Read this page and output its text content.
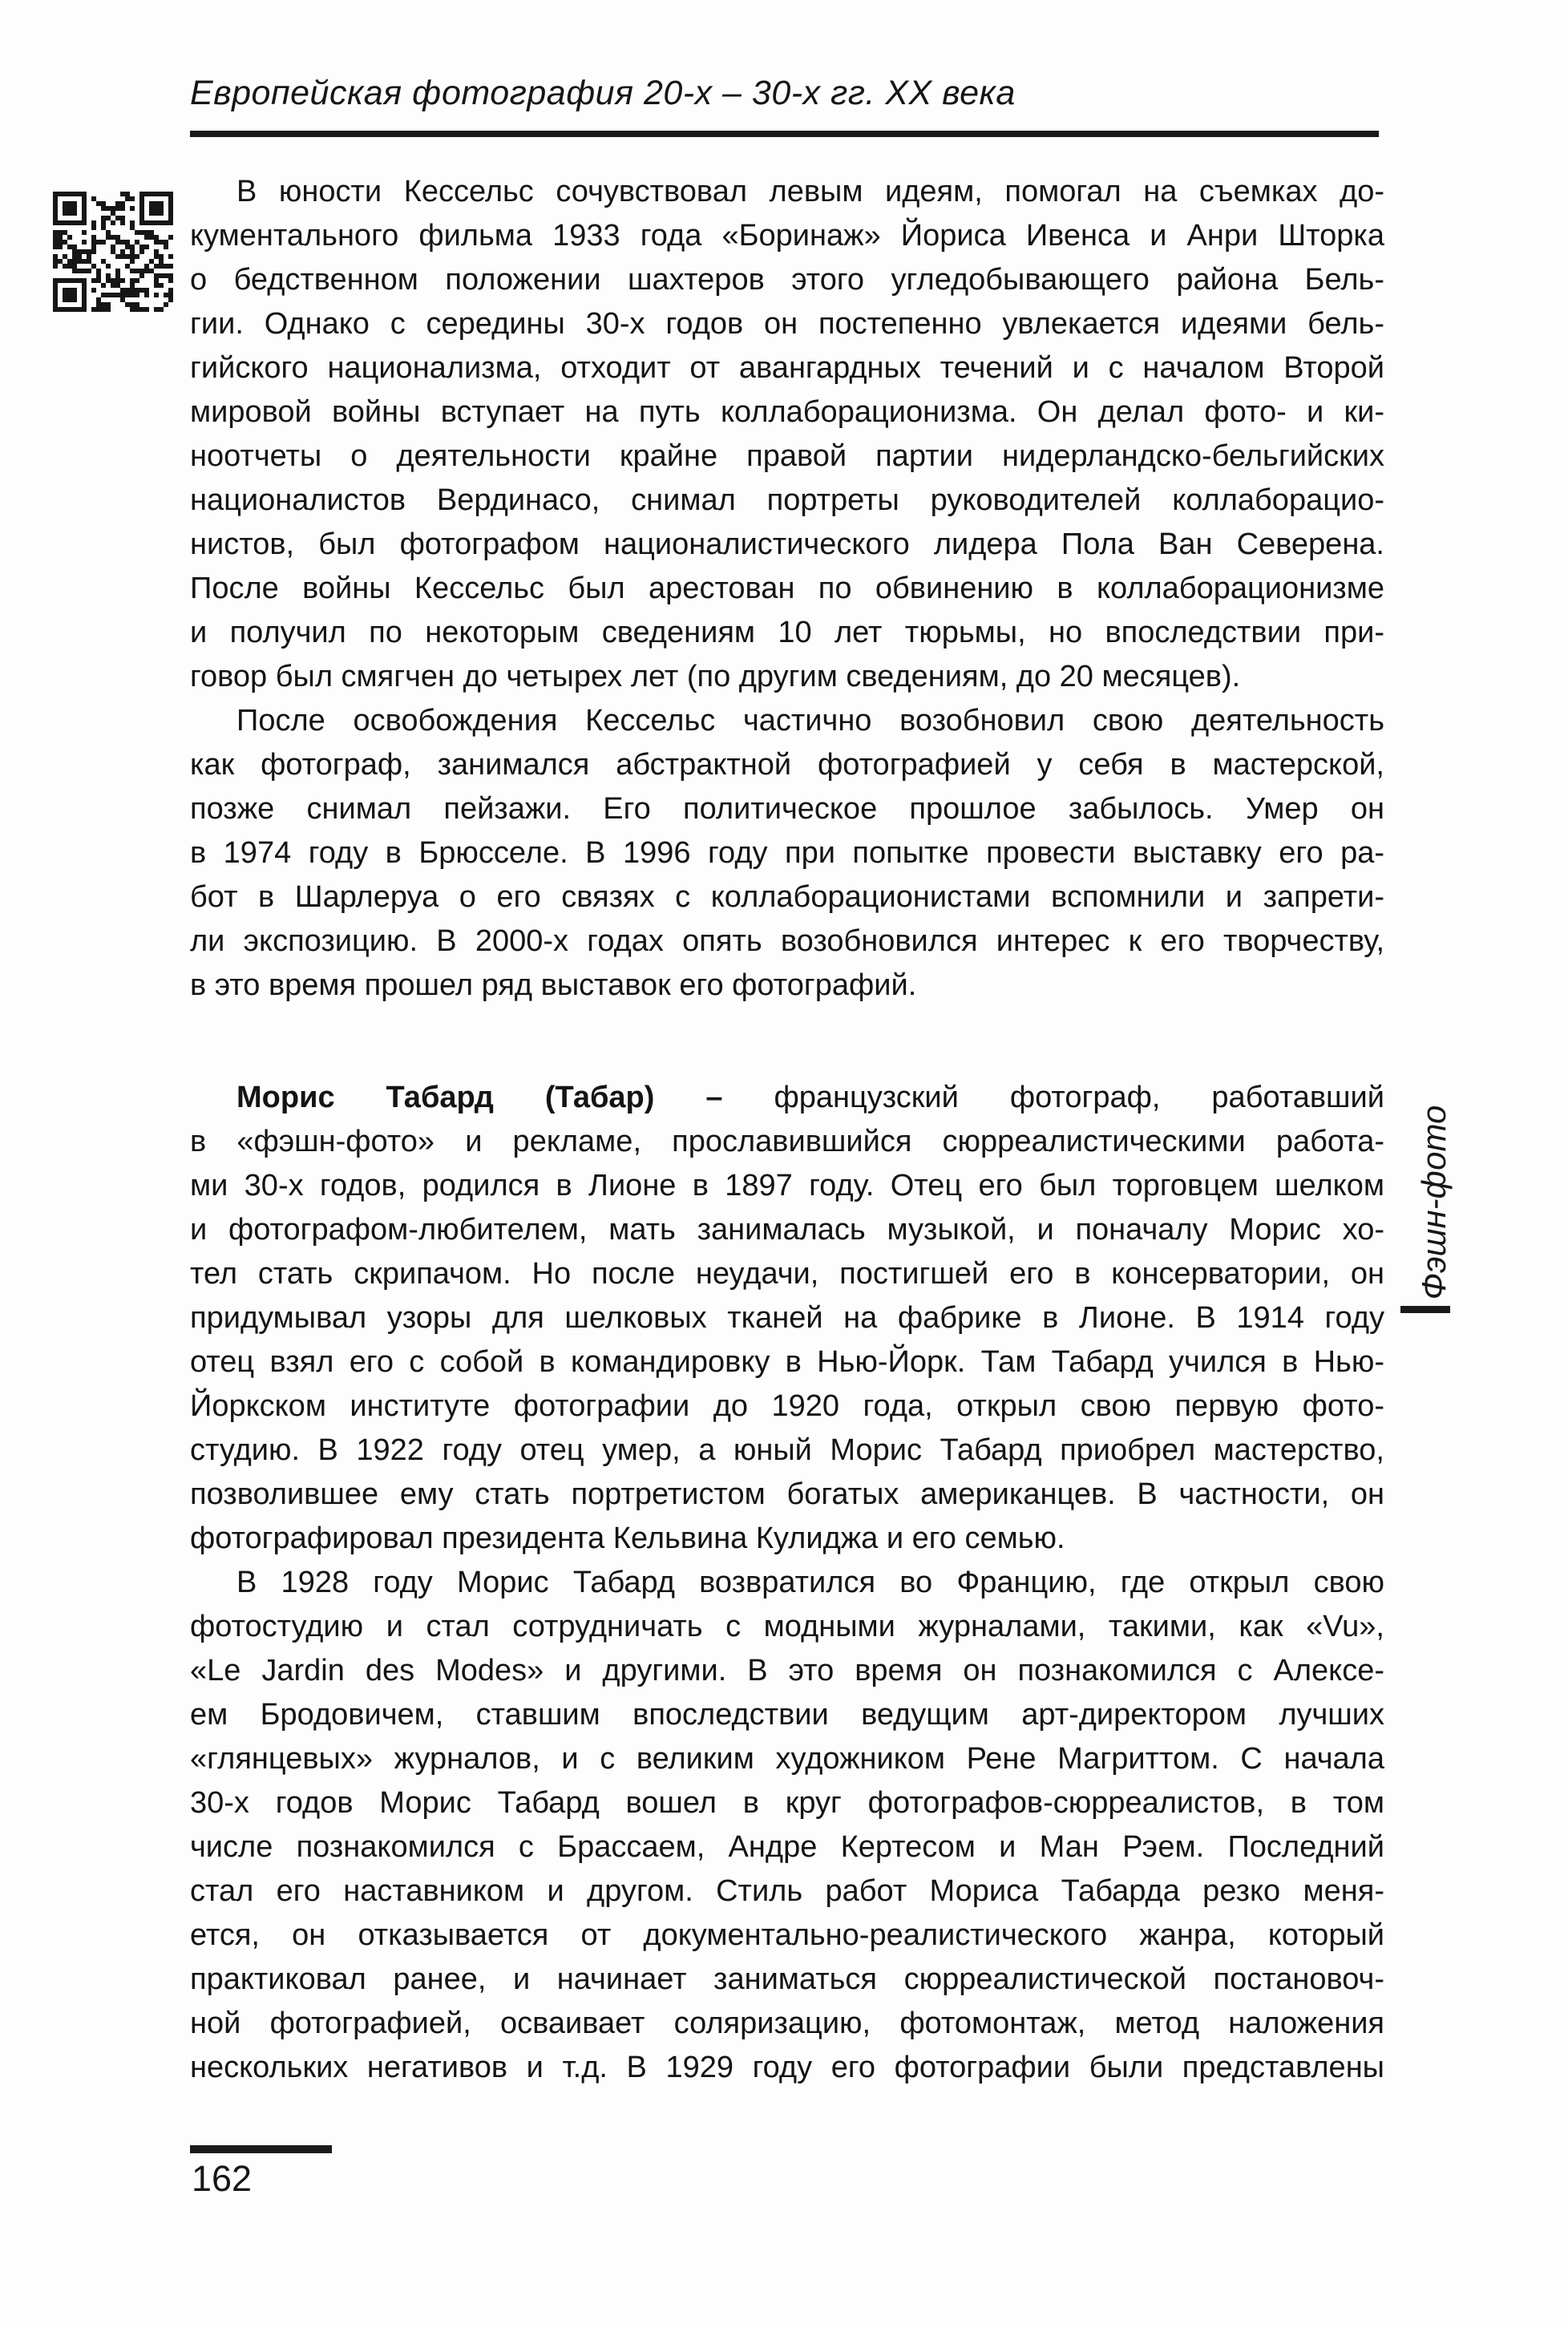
Европейская фотография 20-х – 30-х гг. XX века
В юности Кессельс сочувствовал левым идеям, помогал на съемках до-
кументального фильма 1933 года «Боринаж» Йориса Ивенса и Анри Шторка
о бедственном положении шахтеров этого угледобывающего района Бель-
гии. Однако с середины 30-х годов он постепенно увлекается идеями бель-
гийского национализма, отходит от авангардных течений и с началом Второй
мировой войны вступает на путь коллаборационизма. Он делал фото- и ки-
ноотчеты о деятельности крайне правой партии нидерландско-бельгийских
националистов Вердинасо, снимал портреты руководителей коллаборацио-
нистов, был фотографом националистического лидера Пола Ван Северена.
После войны Кессельс был арестован по обвинению в коллаборационизме
и получил по некоторым сведениям 10 лет тюрьмы, но впоследствии при-
говор был смягчен до четырех лет (по другим сведениям, до 20 месяцев).
После освобождения Кессельс частично возобновил свою деятельность
как фотограф, занимался абстрактной фотографией у себя в мастерской,
позже снимал пейзажи. Его политическое прошлое забылось. Умер он
в 1974 году в Брюсселе. В 1996 году при попытке провести выставку его ра-
бот в Шарлеруа о его связях с коллаборационистами вспомнили и запрети-
ли экспозицию. В 2000-х годах опять возобновился интерес к его творчеству,
в это время прошел ряд выставок его фотографий.
Морис Табард (Табар) – французский фотограф, работавший
в «фэшн-фото» и рекламе, прославившийся сюрреалистическими работа-
ми 30-х годов, родился в Лионе в 1897 году. Отец его был торговцем шелком
и фотографом-любителем, мать занималась музыкой, и поначалу Морис хо-
тел стать скрипачом. Но после неудачи, постигшей его в консерватории, он
придумывал узоры для шелковых тканей на фабрике в Лионе. В 1914 году
отец взял его с собой в командировку в Нью-Йорк. Там Табард учился в Нью-
Йоркском институте фотографии до 1920 года, открыл свою первую фото-
студию. В 1922 году отец умер, а юный Морис Табард приобрел мастерство,
позволившее ему стать портретистом богатых американцев. В частности, он
фотографировал президента Кельвина Кулиджа и его семью.
В 1928 году Морис Табард возвратился во Францию, где открыл свою
фотостудию и стал сотрудничать с модными журналами, такими, как «Vu»,
«Le Jardin des Modes» и другими. В это время он познакомился с Алексе-
ем Бродовичем, ставшим впоследствии ведущим арт-директором лучших
«глянцевых» журналов, и с великим художником Рене Магриттом. С начала
30-х годов Морис Табард вошел в круг фотографов-сюрреалистов, в том
числе познакомился с Брассаем, Андре Кертесом и Ман Рэем. Последний
стал его наставником и другом. Стиль работ Мориса Табарда резко меня-
ется, он отказывается от документально-реалистического жанра, который
практиковал ранее, и начинает заниматься сюрреалистической постановоч-
ной фотографией, осваивает соляризацию, фотомонтаж, метод наложения
нескольких негативов и т.д. В 1929 году его фотографии были представлены
Фэшн-фото
162
